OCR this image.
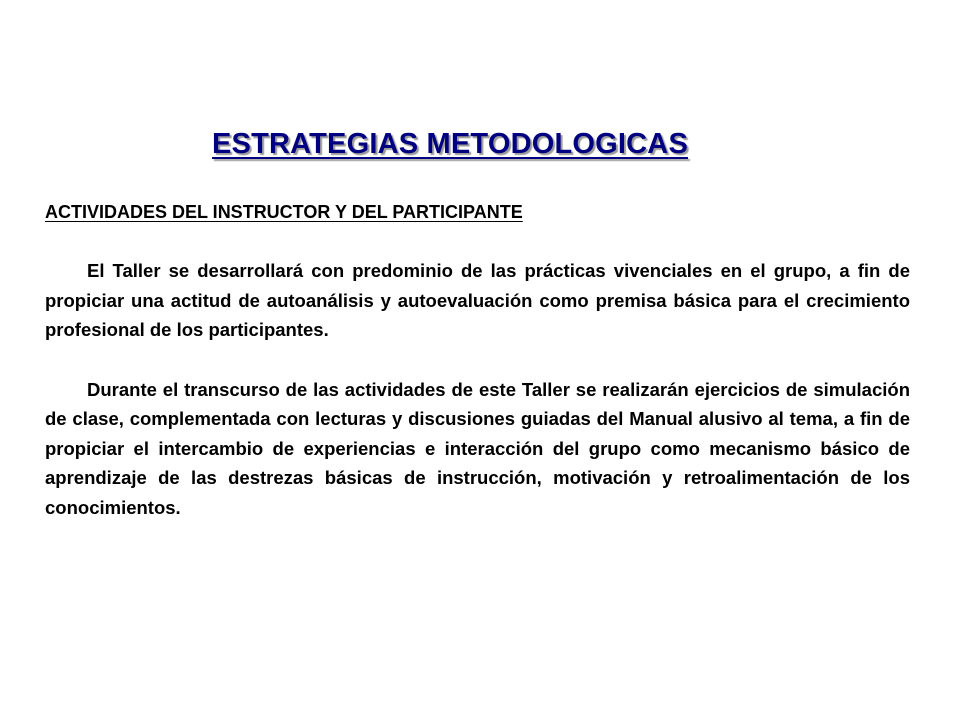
ESTRATEGIAS METODOLOGICAS
ACTIVIDADES DEL INSTRUCTOR Y DEL PARTICIPANTE

El Taller se desarrollará con predominio de las prácticas vivenciales en el grupo, a fin de propiciar una actitud de autoanálisis y autoevaluación como premisa básica para el crecimiento profesional de los participantes.

Durante el transcurso de las actividades de este Taller se realizarán ejercicios de simulación de clase, complementada con lecturas y discusiones guiadas del Manual alusivo al tema, a fin de propiciar el intercambio de experiencias e interacción del grupo como mecanismo básico de aprendizaje de las destrezas básicas de instrucción, motivación y retroalimentación de los conocimientos.
